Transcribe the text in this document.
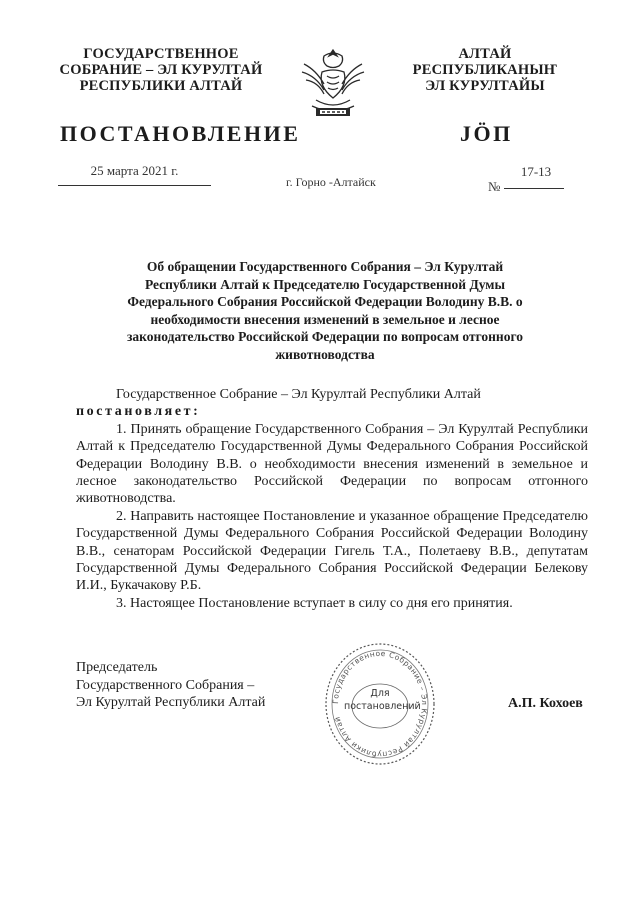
ГОСУДАРСТВЕННОЕ
СОБРАНИЕ – ЭЛ КУРУЛТАЙ
РЕСПУБЛИКИ АЛТАЙ
АЛТАЙ РЕСПУБЛИКАНЫҤ
ЭЛ КУРУЛТАЙЫ
ПОСТАНОВЛЕНИЕ	ЈӦП
25 марта 2021 г.
г. Горно -Алтайск	№
17-13
Об обращении Государственного Собрания – Эл Курултай Республики Алтай к Председателю Государственной Думы Федерального Собрания Российской Федерации Володину В.В. о необходимости внесения изменений в земельное и лесное законодательство Российской Федерации по вопросам отгонного животноводства

Государственное Собрание – Эл Курултай Республики Алтай

постановляет:

1. Принять обращение Государственного Собрания – Эл Курултай Республики Алтай к Председателю Государственной Думы Федерального Собрания Российской Федерации Володину В.В. о необходимости внесения изменений в земельное и лесное законодательство Российской Федерации по вопросам отгонного животноводства.

2. Направить настоящее Постановление и указанное обращение Председателю Государственной Думы Федерального Собрания Российской Федерации Володину В.В., сенаторам Российской Федерации Гигель Т.А., Полетаеву В.В., депутатам Государственной Думы Федерального Собрания Российской Федерации Белекову И.И., Букачакову Р.Б.

3. Настоящее Постановление вступает в силу со дня его принятия.

Председатель
Государственного Собрания –
Эл Курултай Республики Алтай	Государственное Собрание – Эл Курултай Республики Алтай
Для
постановлений	А.П. Кохоев
